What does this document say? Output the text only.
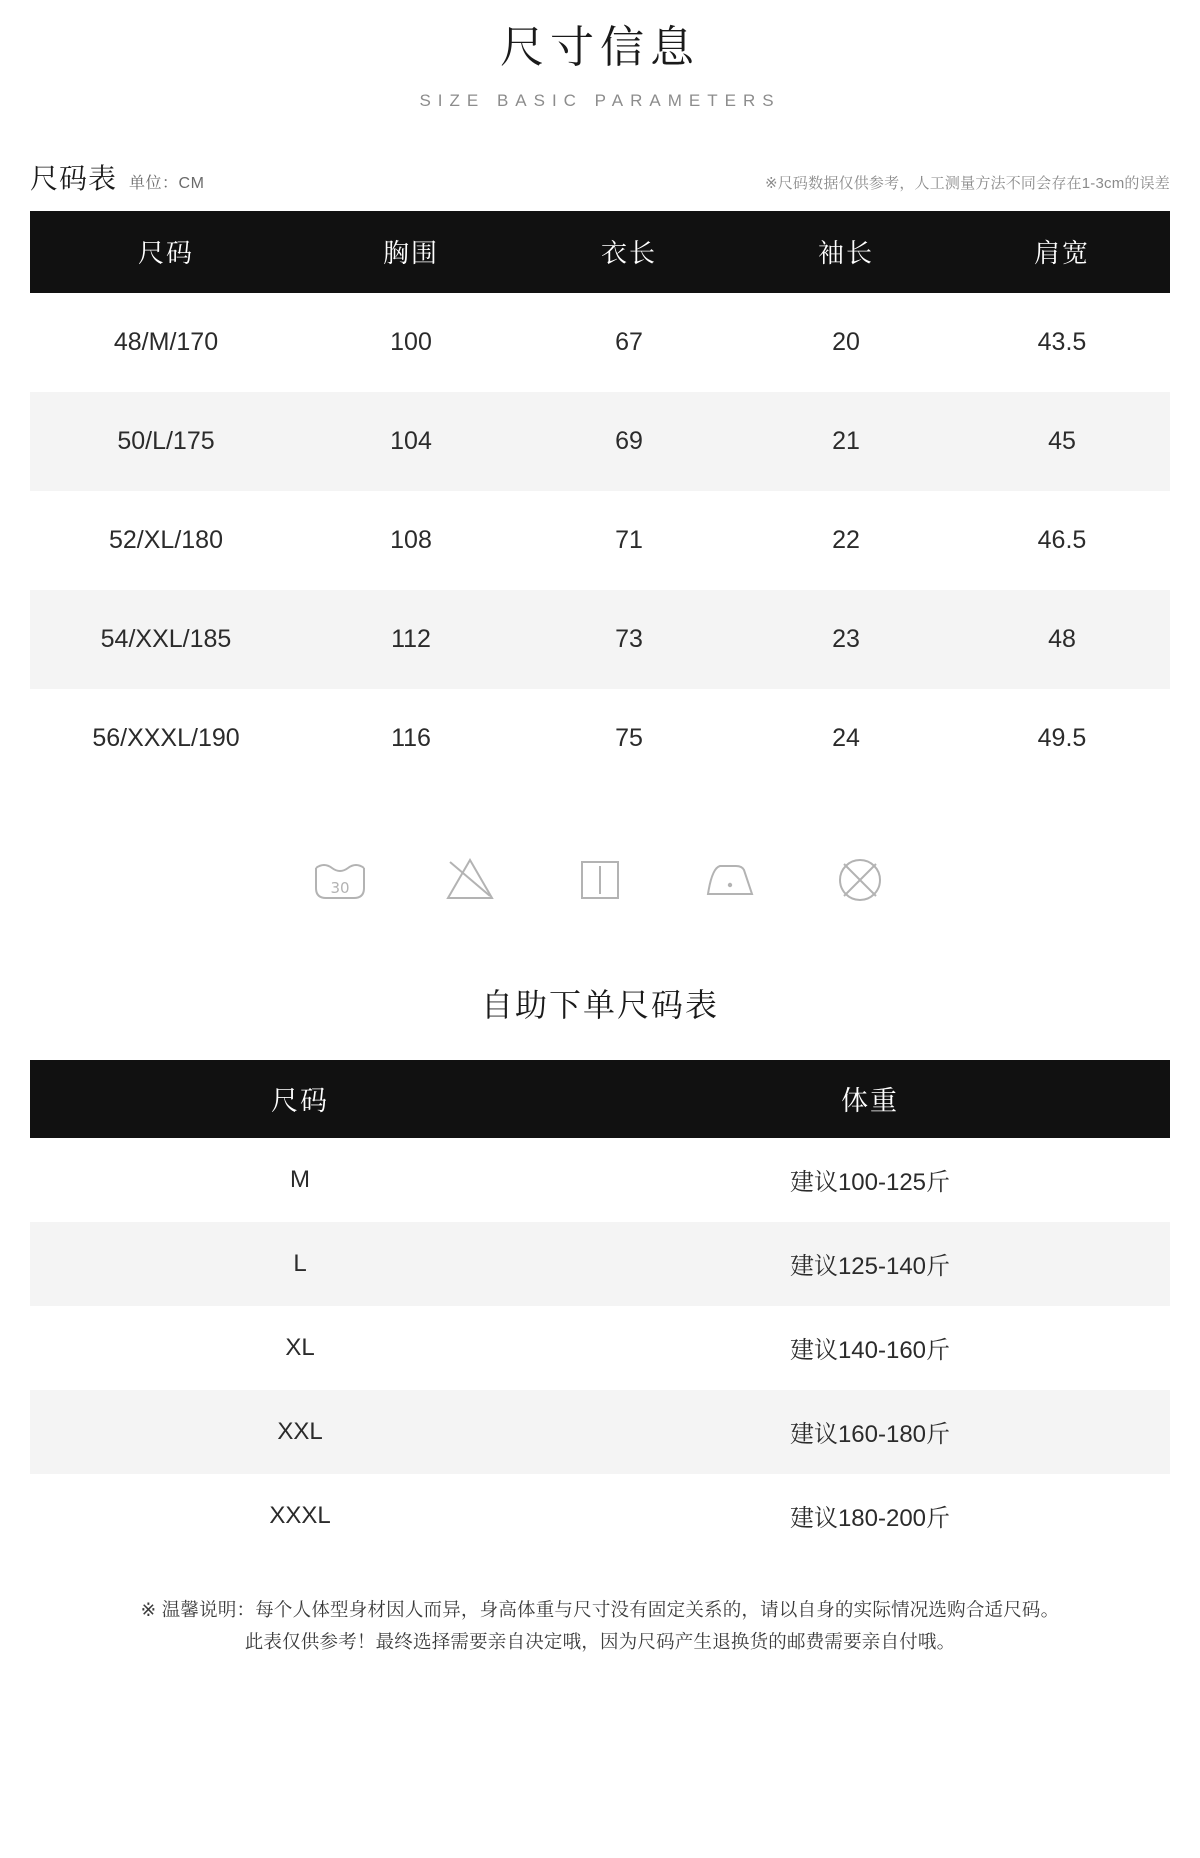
尺寸信息
SIZE BASIC PARAMETERS
尺码表 单位：CM	※尺码数据仅供参考，人工测量方法不同会存在1-3cm的误差
尺码	胸围	衣长	袖长	肩宽
48/M/170	100	67	20	43.5
50/L/175	104	69	21	45
52/XL/180	108	71	22	46.5
54/XXL/185	112	73	23	48
56/XXXL/190	116	75	24	49.5
30
自助下单尺码表
尺码	体重
M	建议100-125斤
L	建议125-140斤
XL	建议140-160斤
XXL	建议160-180斤
XXXL	建议180-200斤
※ 温馨说明：每个人体型身材因人而异，身高体重与尺寸没有固定关系的，请以自身的实际情况选购合适尺码。
此表仅供参考！最终选择需要亲自决定哦，因为尺码产生退换货的邮费需要亲自付哦。
